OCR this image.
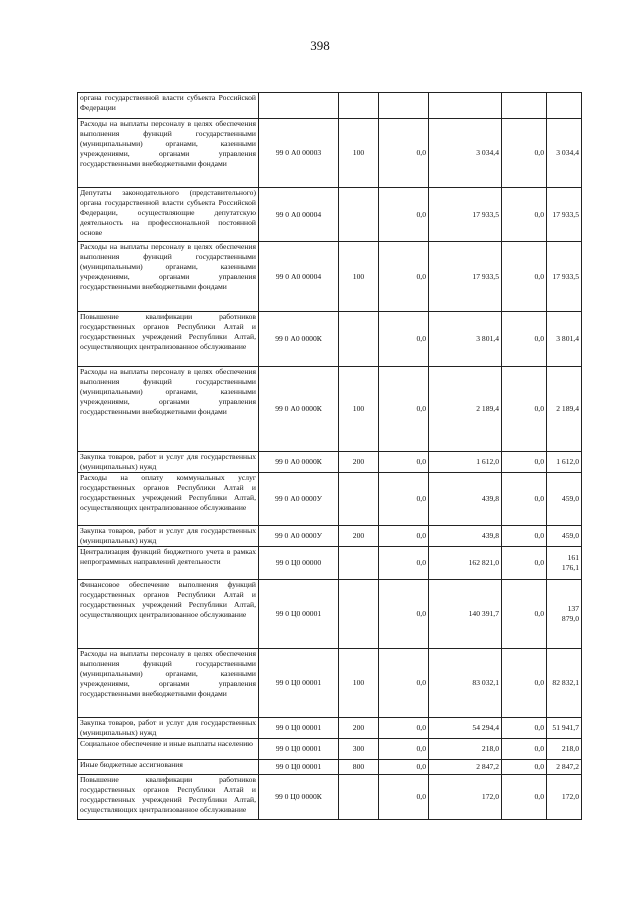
398
органа государственной власти субъекта Российской Федерации						
Расходы на выплаты персоналу в целях обеспечения выполнения функций государственными (муниципальными) органами, казенными учреждениями, органами управления государственными внебюджетными фондами	99 0 А0 00003	100	0,0	3 034,4	0,0	3 034,4
Депутаты законодательного (представительного) органа государственной власти субъекта Российской Федерации, осуществляющие депутатскую деятельность на профессиональной постоянной основе	99 0 А0 00004		0,0	17 933,5	0,0	17 933,5
Расходы на выплаты персоналу в целях обеспечения выполнения функций государственными (муниципальными) органами, казенными учреждениями, органами управления государственными внебюджетными фондами	99 0 А0 00004	100	0,0	17 933,5	0,0	17 933,5
Повышение квалификации работников государственных органов Республики Алтай и государственных учреждений Республики Алтай, осуществляющих централизованное обслуживание	99 0 А0 0000К		0,0	3 801,4	0,0	3 801,4
Расходы на выплаты персоналу в целях обеспечения выполнения функций государственными (муниципальными) органами, казенными учреждениями, органами управления государственными внебюджетными фондами	99 0 А0 0000К	100	0,0	2 189,4	0,0	2 189,4
Закупка товаров, работ и услуг для государственных (муниципальных) нужд	99 0 А0 0000К	200	0,0	1 612,0	0,0	1 612,0
Расходы на оплату коммунальных услуг государственных органов Республики Алтай и государственных учреждений Республики Алтай, осуществляющих централизованное обслуживание	99 0 А0 0000У		0,0	439,8	0,0	459,0
Закупка товаров, работ и услуг для государственных (муниципальных) нужд	99 0 А0 0000У	200	0,0	439,8	0,0	459,0
Централизация функций бюджетного учета в рамках непрограммных направлений деятельности	99 0 Ц0 00000		0,0	162 821,0	0,0	161 176,1
Финансовое обеспечение выполнения функций государственных органов Республики Алтай и государственных учреждений Республики Алтай, осуществляющих централизованное обслуживание	99 0 Ц0 00001		0,0	140 391,7	0,0	137 879,0
Расходы на выплаты персоналу в целях обеспечения выполнения функций государственными (муниципальными) органами, казенными учреждениями, органами управления государственными внебюджетными фондами	99 0 Ц0 00001	100	0,0	83 032,1	0,0	82 832,1
Закупка товаров, работ и услуг для государственных (муниципальных) нужд	99 0 Ц0 00001	200	0,0	54 294,4	0,0	51 941,7
Социальное обеспечение и иные выплаты населению	99 0 Ц0 00001	300	0,0	218,0	0,0	218,0
Иные бюджетные ассигнования	99 0 Ц0 00001	800	0,0	2 847,2	0,0	2 847,2
Повышение квалификации работников государственных органов Республики Алтай и государственных учреждений Республики Алтай, осуществляющих централизованное обслуживание	99 0 Ц0 0000К		0,0	172,0	0,0	172,0
